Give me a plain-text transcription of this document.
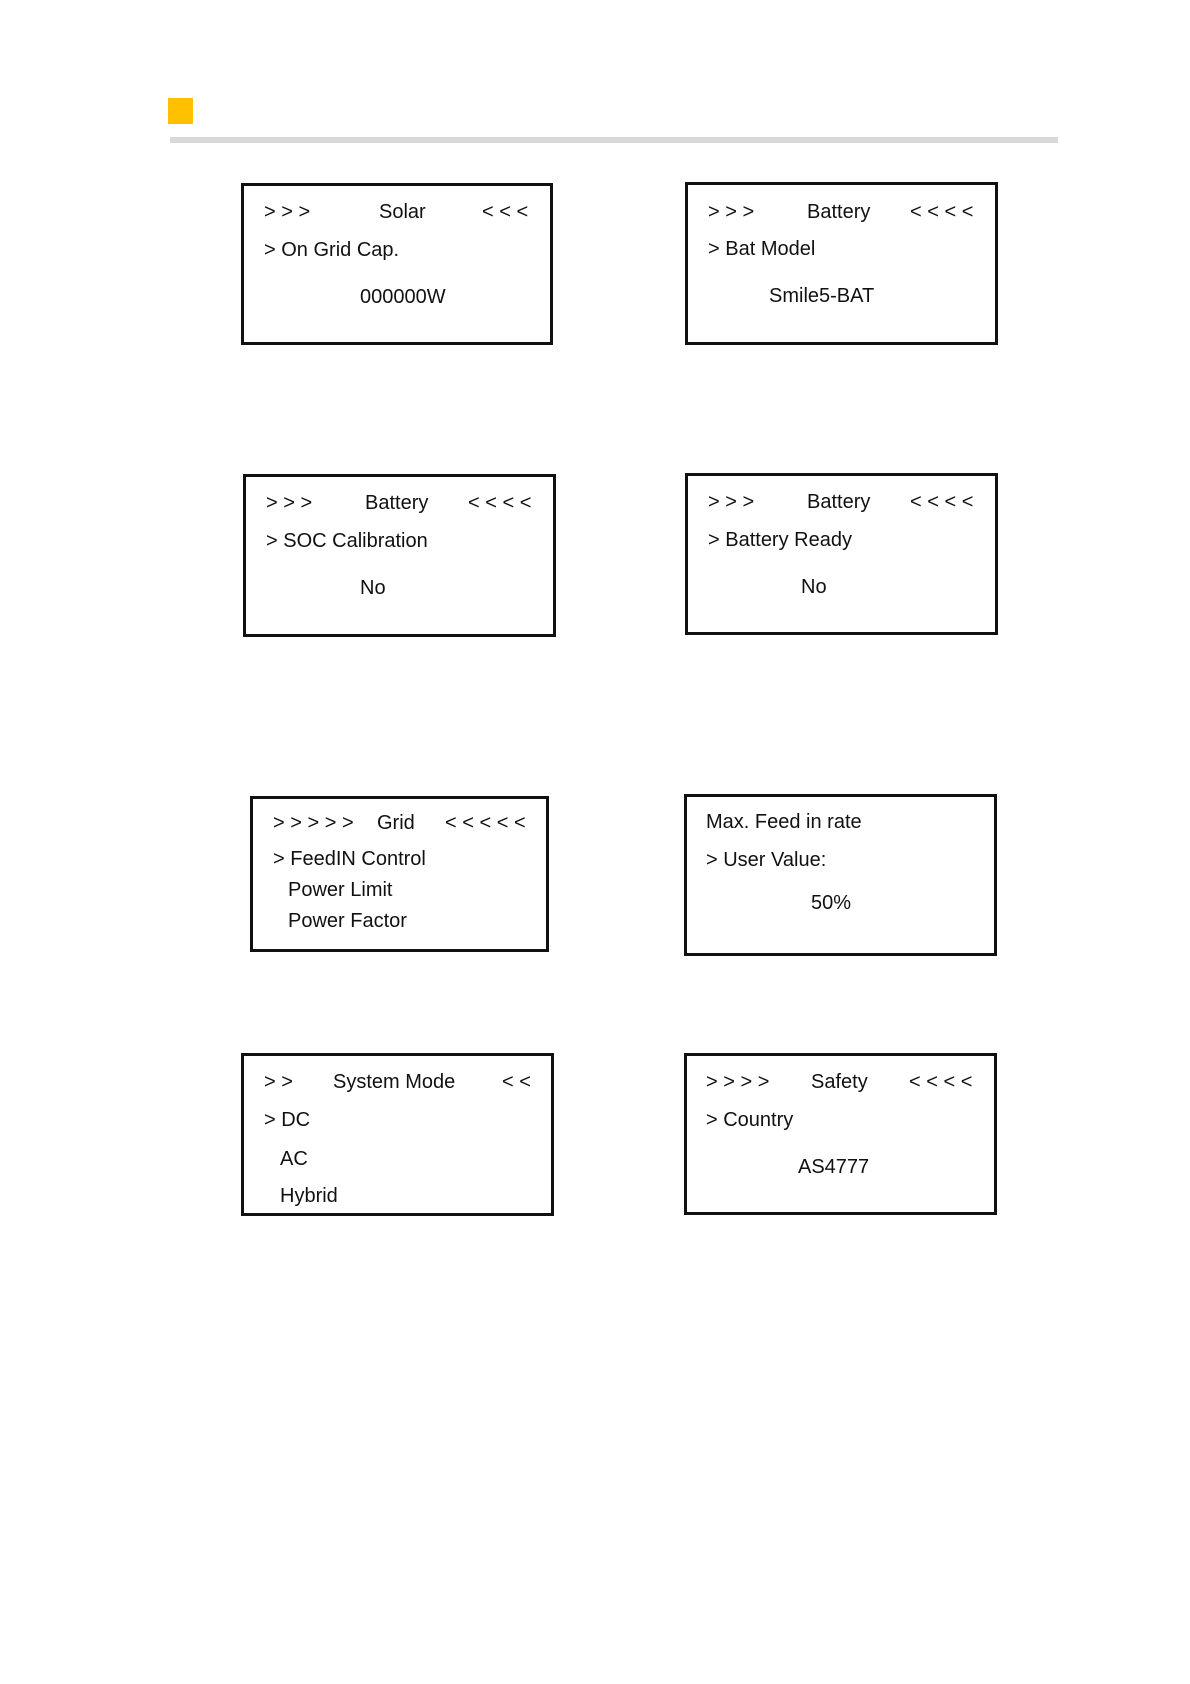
> > >	Solar	< < <
> On Grid Cap.
000000W
> > >	Battery < < < <
> Bat Model
Smile5-BAT
> > >	Battery < < < <
> SOC Calibration
No
> > >	Battery < < < <
> Battery Ready
No
> > > > > Grid < < < < <
> FeedIN Control
Power Limit
Power Factor
Max. Feed in rate
> User Value:
50%
> > System Mode < <
> DC
AC
Hybrid
> > > > Safety < < < <
> Country
AS4777
